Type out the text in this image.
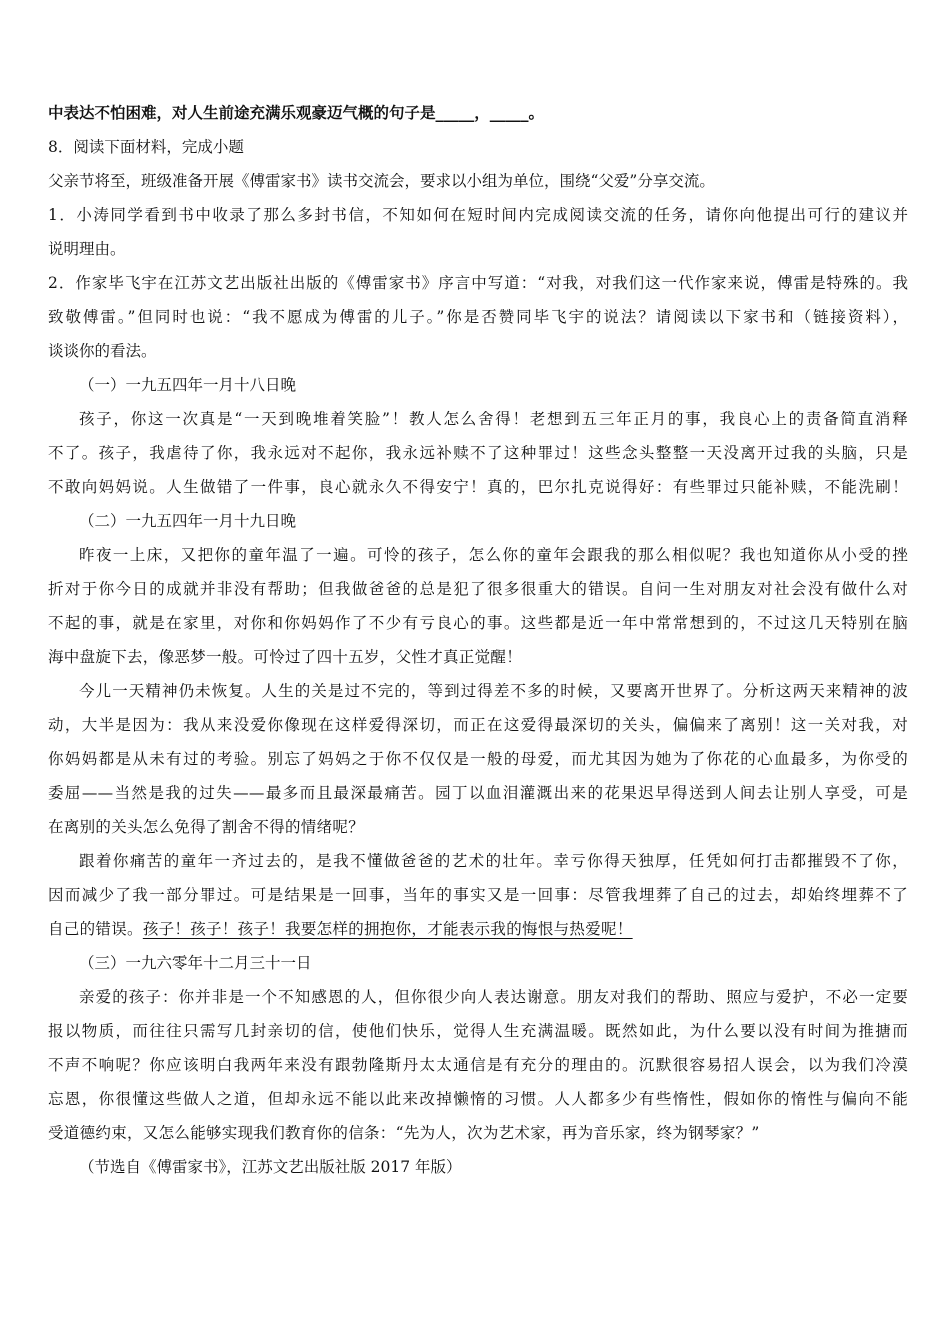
中表达不怕困难，对人生前途充满乐观豪迈气概的句子是_____，_____。
8．阅读下面材料，完成小题
父亲节将至，班级准备开展《傅雷家书》读书交流会，要求以小组为单位，围绕“父爱”分享交流。
1．小涛同学看到书中收录了那么多封书信，不知如何在短时间内完成阅读交流的任务，请你向他提出可行的建议并
说明理由。
2．作家毕飞宇在江苏文艺出版社出版的《傅雷家书》序言中写道：“对我，对我们这一代作家来说，傅雷是特殊的。我
致敬傅雷。”但同时也说：“我不愿成为傅雷的儿子。”你是否赞同毕飞宇的说法？请阅读以下家书和（链接资料），
谈谈你的看法。
（一）一九五四年一月十八日晚
孩子，你这一次真是“一天到晚堆着笑脸”！教人怎么舍得！老想到五三年正月的事，我良心上的责备简直消释
不了。孩子，我虐待了你，我永远对不起你，我永远补赎不了这种罪过！这些念头整整一天没离开过我的头脑，只是
不敢向妈妈说。人生做错了一件事，良心就永久不得安宁！真的，巴尔扎克说得好：有些罪过只能补赎，不能洗刷！
（二）一九五四年一月十九日晚
昨夜一上床，又把你的童年温了一遍。可怜的孩子，怎么你的童年会跟我的那么相似呢？我也知道你从小受的挫
折对于你今日的成就并非没有帮助；但我做爸爸的总是犯了很多很重大的错误。自问一生对朋友对社会没有做什么对
不起的事，就是在家里，对你和你妈妈作了不少有亏良心的事。这些都是近一年中常常想到的，不过这几天特别在脑
海中盘旋下去，像恶梦一般。可怜过了四十五岁，父性才真正觉醒！
今儿一天精神仍未恢复。人生的关是过不完的，等到过得差不多的时候，又要离开世界了。分析这两天来精神的波
动，大半是因为：我从来没爱你像现在这样爱得深切，而正在这爱得最深切的关头，偏偏来了离别！这一关对我，对
你妈妈都是从未有过的考验。别忘了妈妈之于你不仅仅是一般的母爱，而尤其因为她为了你花的心血最多，为你受的
委屈——当然是我的过失——最多而且最深最痛苦。园丁以血泪灌溉出来的花果迟早得送到人间去让别人享受，可是
在离别的关头怎么免得了割舍不得的情绪呢？
跟着你痛苦的童年一齐过去的，是我不懂做爸爸的艺术的壮年。幸亏你得天独厚，任凭如何打击都摧毁不了你，
因而减少了我一部分罪过。可是结果是一回事，当年的事实又是一回事：尽管我埋葬了自己的过去，却始终埋葬不了
自己的错误。孩子！孩子！孩子！我要怎样的拥抱你，才能表示我的悔恨与热爱呢！
（三）一九六零年十二月三十一日
亲爱的孩子：你并非是一个不知感恩的人，但你很少向人表达谢意。朋友对我们的帮助、照应与爱护，不必一定要
报以物质，而往往只需写几封亲切的信，使他们快乐，觉得人生充满温暖。既然如此，为什么要以没有时间为推搪而
不声不响呢？你应该明白我两年来没有跟勃隆斯丹太太通信是有充分的理由的。沉默很容易招人误会，以为我们冷漠
忘恩，你很懂这些做人之道，但却永远不能以此来改掉懒惰的习惯。人人都多少有些惰性，假如你的惰性与偏向不能
受道德约束，又怎么能够实现我们教育你的信条：“先为人，次为艺术家，再为音乐家，终为钢琴家？”
（节选自《傅雷家书》，江苏文艺出版社版 2017 年版）
